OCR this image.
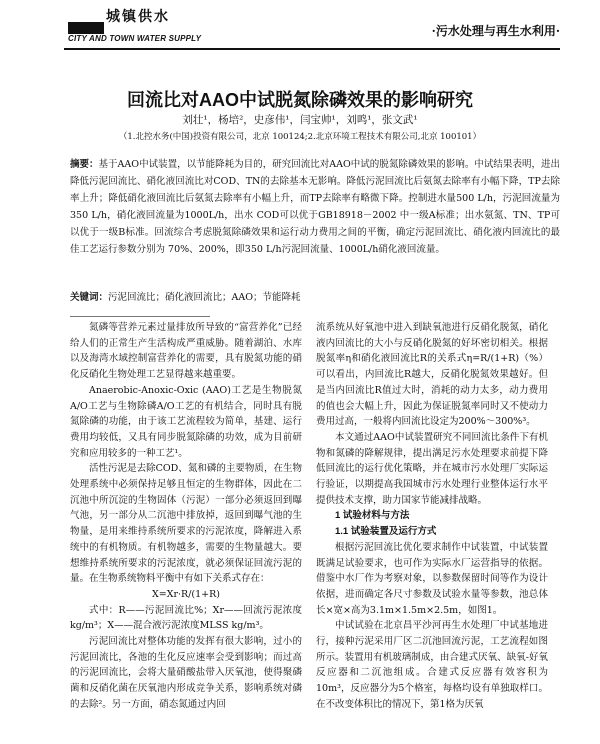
城镇供水
CITY AND TOWN WATER SUPPLY
·污水处理与再生水利用·
回流比对AAO中试脱氮除磷效果的影响研究
刘壮¹，杨培²，史彦伟¹，闫宝帅¹，刘鸣¹，张文武¹
（1.北控水务(中国)投资有限公司，北京 100124;2.北京环境工程技术有限公司,北京 100101）
摘要：基于AAO中试装置，以节能降耗为目的，研究回流比对AAO中试的脱氮除磷效果的影响。中试结果表明，进出降低污泥回流比、硝化液回流比对COD、TN的去除基本无影响。降低污泥回流比后氨氮去除率有小幅下降，TP去除率上升；降低硝化液回流比后氨氮去除率有小幅上升，而TP去除率有略微下降。控制进水量500 L/h，污泥回流量为350 L/h，硝化液回流量为1000L/h，出水 COD可以优于GB18918－2002 中一级A标准；出水氨氮、TN、TP可以优于一级B标准。回流综合考虑脱氮除磷效果和运行动力费用之间的平衡，确定污泥回流比、硝化液内回流比的最佳工艺运行参数分别为 70%、200%，即350 L/h污泥回流量、1000L/h硝化液回流量。
关键词：污泥回流比；硝化液回流比；AAO；节能降耗

氮磷等营养元素过量排放所导致的“富营养化”已经给人们的正常生产生活构成严重威胁。随着湖泊、水库以及海湾水域控制富营养化的需要，具有脱氮功能的硝化反硝化生物处理工艺显得越来越重要。

Anaerobic-Anoxic-Oxic (AAO)工艺是生物脱氮A/O工艺与生物除磷A/O工艺的有机结合，同时具有脱氮除磷的功能，由于该工艺流程较为简单，基建、运行费用均较低，又具有同步脱氮除磷的功效，成为目前研究和应用较多的一种工艺¹。

活性污泥是去除COD、氮和磷的主要物质，在生物处理系统中必须保持足够且恒定的生物群体，因此在二沉池中所沉淀的生物固体（污泥）一部分必须返回到曝气池，另一部分从二沉池中排放掉，返回到曝气池的生物量，是用来维持系统所要求的污泥浓度，降解进入系统中的有机物质。有机物越多，需要的生物量越大。要想维持系统所要求的污泥浓度，就必须保证回流污泥的量。在生物系统物料平衡中有如下关系式存在：

X=Xr·R/(1+R)

式中：R——污泥回流比%；Xr——回流污泥浓度kg/m³；X——混合液污泥浓度MLSS kg/m³。

污泥回流比对整体功能的发挥有很大影响，过小的污泥回流比，各池的生化反应速率会受到影响；而过高的污泥回流比，会将大量硝酸盐带入厌氧池，使得聚磷菌和反硝化菌在厌氧池内形成竞争关系，影响系统对磷的去除²。另一方面，硝态氮通过内回

流系统从好氧池中进入到缺氧池进行反硝化脱氮，硝化液内回流比的大小与反硝化脱氮的好坏密切相关。根据脱氮率η和硝化液回流比R的关系式η=R/(1+R)（%）可以看出，内回流比R越大，反硝化脱氮效果越好。但是当内回流比R值过大时，消耗的动力太多，动力费用的值也会大幅上升，因此为保证脱氮率同时又不使动力费用过高，一般将内回流比设定为200%～300%³。

本文通过AAO中试装置研究不同回流比条件下有机物和氮磷的降解规律，提出满足污水处理要求前提下降低回流比的运行优化策略，并在城市污水处理厂实际运行验证，以期提高我国城市污水处理行业整体运行水平提供技术支撑，助力国家节能减排战略。

1 试验材料与方法

1.1 试验装置及运行方式

根据污泥回流比优化要求制作中试装置，中试装置既满足试验要求，也可作为实际水厂运营指导的依据。借鉴中水厂作为考察对象，以参数保留时间等作为设计依据，进而确定各尺寸参数及试验水量等参数，池总体长×宽×高为3.1m×1.5m×2.5m，如图1。

中试试验在北京昌平沙河再生水处理厂中试基地进行，接种污泥采用厂区二沉池回流污泥，工艺流程如图所示。装置用有机玻璃制成，由合建式厌氧、缺氧-好氧反应器和二沉池组成。合建式反应器有效容积为10m³，反应器分为5个格室，每格均设有单独取样口。在不改变体积比的情况下，第1格为厌氧
